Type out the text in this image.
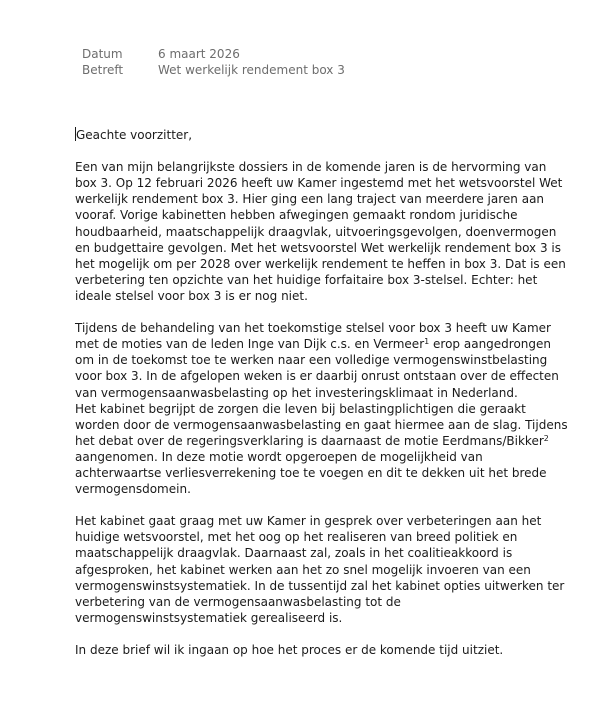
Datum	6 maart 2026
Betreft	Wet werkelijk rendement box 3

Geachte voorzitter,

Een van mijn belangrijkste dossiers in de komende jaren is de hervorming van
box 3. Op 12 februari 2026 heeft uw Kamer ingestemd met het wetsvoorstel Wet
werkelijk rendement box 3. Hier ging een lang traject van meerdere jaren aan
vooraf. Vorige kabinetten hebben afwegingen gemaakt rondom juridische
houdbaarheid, maatschappelijk draagvlak, uitvoeringsgevolgen, doenvermogen
en budgettaire gevolgen. Met het wetsvoorstel Wet werkelijk rendement box 3 is
het mogelijk om per 2028 over werkelijk rendement te heffen in box 3. Dat is een
verbetering ten opzichte van het huidige forfaitaire box 3-stelsel. Echter: het
ideale stelsel voor box 3 is er nog niet.

Tijdens de behandeling van het toekomstige stelsel voor box 3 heeft uw Kamer
met de moties van de leden Inge van Dijk c.s. en Vermeer$^1$ erop aangedrongen
om in de toekomst toe te werken naar een volledige vermogenswinstbelasting
voor box 3. In de afgelopen weken is er daarbij onrust ontstaan over de effecten
van vermogensaanwasbelasting op het investeringsklimaat in Nederland.
Het kabinet begrijpt de zorgen die leven bij belastingplichtigen die geraakt
worden door de vermogensaanwasbelasting en gaat hiermee aan de slag. Tijdens
het debat over de regeringsverklaring is daarnaast de motie Eerdmans/Bikker$^2$
aangenomen. In deze motie wordt opgeroepen de mogelijkheid van
achterwaartse verliesverrekening toe te voegen en dit te dekken uit het brede
vermogensdomein.

Het kabinet gaat graag met uw Kamer in gesprek over verbeteringen aan het
huidige wetsvoorstel, met het oog op het realiseren van breed politiek en
maatschappelijk draagvlak. Daarnaast zal, zoals in het coalitieakkoord is
afgesproken, het kabinet werken aan het zo snel mogelijk invoeren van een
vermogenswinstsystematiek. In de tussentijd zal het kabinet opties uitwerken ter
verbetering van de vermogensaanwasbelasting tot de
vermogenswinstsystematiek gerealiseerd is.

In deze brief wil ik ingaan op hoe het proces er de komende tijd uitziet.
